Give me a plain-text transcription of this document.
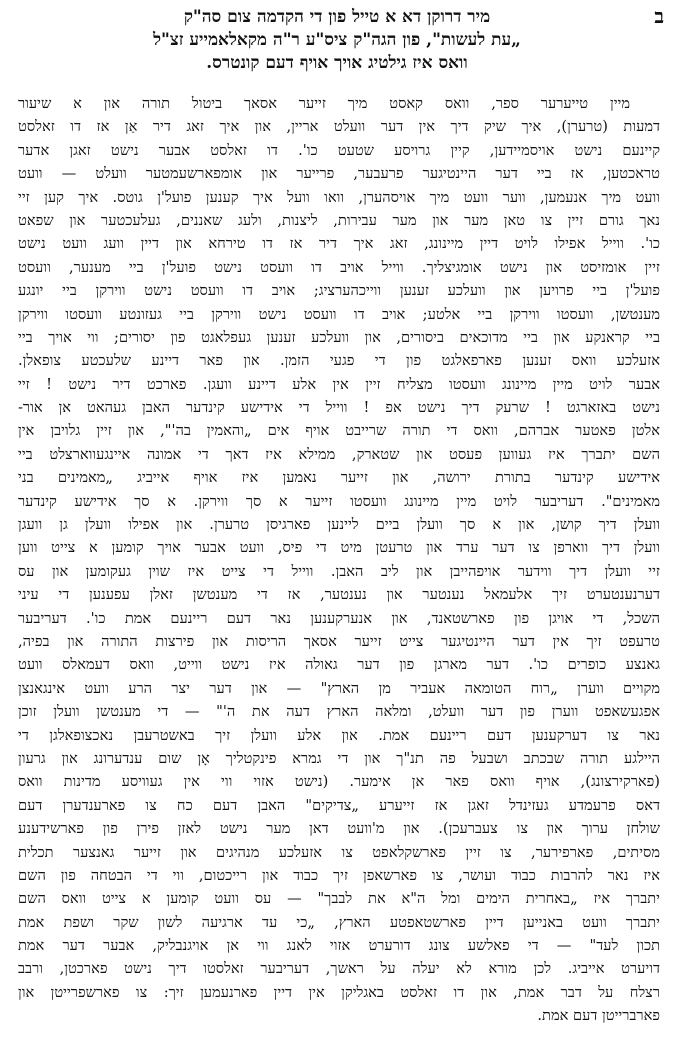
ב
מיר דרוקן דא א טייל פון די הקדמה צום סה"ק
„עת לעשות", פון הגה"ק ציס"ע ר"ה מקאלאמייע זצ"ל
וואס איז גילטיג אויך אויף דעם קונטרס.
מיין טייערער ספר, וואס קאסט מיך זייער אסאך ביטול תורה און א שיעור
דמעות (טרערן), איך שיק דיך אין דער וועלט אריין, און איך זאג דיר אַן אז דו זאלסט
קיינעם נישט אויסמיידען, קיין גרויסע שטעט כו'. דו זאלסט אבער נישט זאגן אדער
טראכטען, אז ביי דער היינטיגער פרעבער, פרייער און אומפארשעמטער וועלט — וועט
וועט מיך אנעמען, ווער וועט מיך אויסהערן, וואו וועל איך קענען פועל'ן גוטס. איך קען זיי
נאך גורם זיין צו טאן מער און מער עבירות, ליצנות, ולעג שאננים, געלעכטער און שפאט
כו'. ווייל אפילו לויט דיין מיינונג, זאג איך דיר אז דו טירחא און דיין וועג וועט נישט
זיין אומזיסט און נישט אומגיצליך. ווייל אויב דו וועסט נישט פועל'ן ביי מענער, וועסט
פועל'ן ביי פרויען און וועלכע זענען ווייכהערציג; אויב דו וועסט נישט ווירקן ביי יונגע
מענטשן, וועסטו ווירקן ביי אלטע; אויב דו וועסט נישט ווירקן ביי געזונטע וועסטו ווירקן
ביי קראנקע און ביי מדוכאים ביסורים, און וועלכע זענען געפלאגט פון יסורים; ווי אויך ביי
אזעלכע וואס זענען פארפאלגט פון די פגעי הזמן. און פאר דיינע שלעכטע צופאלן.
אבער לויט מיין מיינונג וועסטו מצליח זיין אין אלע דיינע וועגן. פארכט דיר נישט ! זיי
נישט באזארגט ! שרעק דיך נישט אפ ! ווייל די אידישע קינדער האבן געהאט אן אור-
אלטן פאטער אברהם, וואס די תורה שרייבט אויף אים „והאמין בה'", און זיין גלויבן אין
השם יתברך איז געווען פעסט און שטארק, ממילא איז דאך די אמונה איינגעווארצלט ביי
אידישע קינדער בתורת ירושה, און זייער נאמען איז אויף אייביג „מאמינים בני
מאמינים". דעריבער לויט מיין מיינונג וועסטו זייער א סך ווירקן. א סך אידישע קינדער
וועלן דיך קושן, און א סך וועלן ביים ליינען פארגיסן טרערן. און אפילו וועלן גן וועגן
וועלן דיך ווארפן צו דער ערד און טרעטן מיט די פיס, וועט אבער אויך קומען א צייט ווען
זיי וועלן דיך ווידער אויפהייבן און ליב האבן. ווייל די צייט איז שוין געקומען און עס
דערנענטערט זיך אלעמאל נענטער און נענטער, אז די מענטשן זאלן עפענען די עיני
השכל, די אויגן פון פארשטאנד, און אנערקענען נאר דעם ריינעם אמת כו'. דעריבער
טרעפט זיך אין דער היינטיגער צייט זייער אסאך הריסות און פירצות התורה און בפיה,
גאנצע כופרים כו'. דער מארגן פון דער גאולה איז נישט ווייט, וואס דעמאלס וועט
מקויים ווערן „רוח הטומאה אעביר מן הארץ" — און דער יצר הרע וועט אינגאנצן
אפגעשאפט ווערן פון דער וועלט, ומלאה הארץ דעה את ה'" — די מענטשן וועלן זוכן
נאר צו דערקענען דעם ריינעם אמת. און אלע וועלן זיך באשטרעבן נאכצופאלגן די
היילגע תורה שבכתב ושבעל פה תנ"ך און די גמרא פינקטליך אָן שום ענדערונג און גרעון
(פארקירצונג), אויף וואס פאר אן אימער. (נישט אזוי ווי אין געוויסע מדינות וואס
דאס פרעמדע געזינדל זאגן אז זייערע „צדיקים" האבן דעם כח צו פארענדערן דעם
שולחן ערוך און צו צעברעכן). און מ'וועט דאן מער נישט לאזן פירן פון פארשידענע
מסיתים, פארפירער, צו זיין פארשקלאפט צו אזעלכע מנהיגים און זייער גאנצער תכלית
איז נאר להרבות כבוד ועושר, צו פארשאפן זיך כבוד און רייכטום, ווי די הבטחה פון השם
יתברך איז „באחרית הימים ומל ה"א את לבבך" — עס וועט קומען א צייט וואס השם
יתברך וועט באנייען דיין פארשטאפטע הארץ, „כי עד ארגיעה לשון שקר ושפת אמת
תכון לעד" — די פאלשע צונג דורערט אזוי לאנג ווי אן אויגנבליק, אבער דער אמת
דויערט אייביג. לכן מורא לא יעלה על ראשך, דעריבער זאלסטו דיך נישט פארכטן, ורבב
רצלח על דבר אמת, און דו זאלסט באגליקן אין דיין פארנעמען זיך: צו פארשפרייטן און
פארברייטן דעם אמת.
